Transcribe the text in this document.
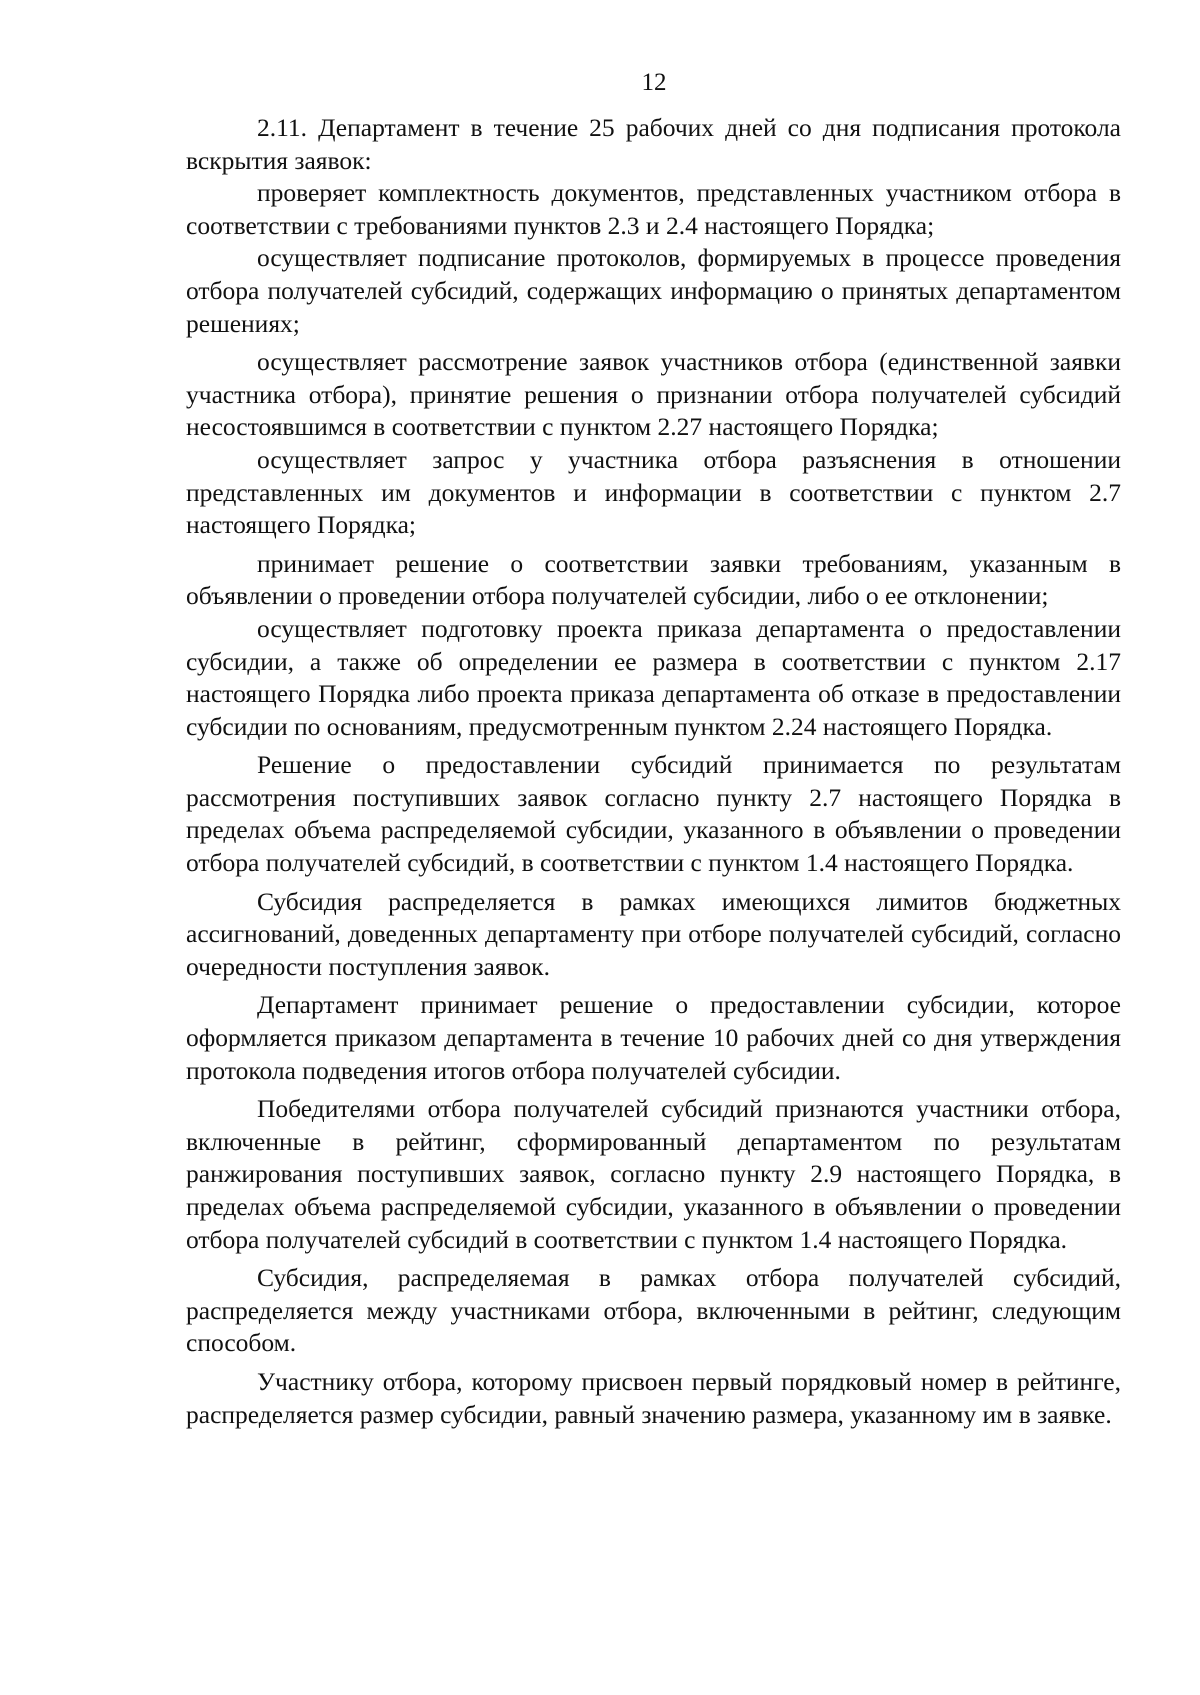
12

2.11. Департамент в течение 25 рабочих дней со дня подписания протокола вскрытия заявок:

проверяет комплектность документов, представленных участником отбора в соответствии с требованиями пунктов 2.3 и 2.4 настоящего Порядка;

осуществляет подписание протоколов, формируемых в процессе проведения отбора получателей субсидий, содержащих информацию о принятых департаментом решениях;

осуществляет рассмотрение заявок участников отбора (единственной заявки участника отбора), принятие решения о признании отбора получателей субсидий несостоявшимся в соответствии с пунктом 2.27 настоящего Порядка;

осуществляет запрос у участника отбора разъяснения в отношении представленных им документов и информации в соответствии с пунктом 2.7 настоящего Порядка;

принимает решение о соответствии заявки требованиям, указанным в объявлении о проведении отбора получателей субсидии, либо о ее отклонении;

осуществляет подготовку проекта приказа департамента о предоставлении субсидии, а также об определении ее размера в соответствии с пунктом 2.17 настоящего Порядка либо проекта приказа департамента об отказе в предоставлении субсидии по основаниям, предусмотренным пунктом 2.24 настоящего Порядка.

Решение о предоставлении субсидий принимается по результатам рассмотрения поступивших заявок согласно пункту 2.7 настоящего Порядка в пределах объема распределяемой субсидии, указанного в объявлении о проведении отбора получателей субсидий, в соответствии с пунктом 1.4 настоящего Порядка.

Субсидия распределяется в рамках имеющихся лимитов бюджетных ассигнований, доведенных департаменту при отборе получателей субсидий, согласно очередности поступления заявок.

Департамент принимает решение о предоставлении субсидии, которое оформляется приказом департамента в течение 10 рабочих дней со дня утверждения протокола подведения итогов отбора получателей субсидии.

Победителями отбора получателей субсидий признаются участники отбора, включенные в рейтинг, сформированный департаментом по результатам ранжирования поступивших заявок, согласно пункту 2.9 настоящего Порядка, в пределах объема распределяемой субсидии, указанного в объявлении о проведении отбора получателей субсидий в соответствии с пунктом 1.4 настоящего Порядка.

Субсидия, распределяемая в рамках отбора получателей субсидий, распределяется между участниками отбора, включенными в рейтинг, следующим способом.

Участнику отбора, которому присвоен первый порядковый номер в рейтинге, распределяется размер субсидии, равный значению размера, указанному им в заявке.
